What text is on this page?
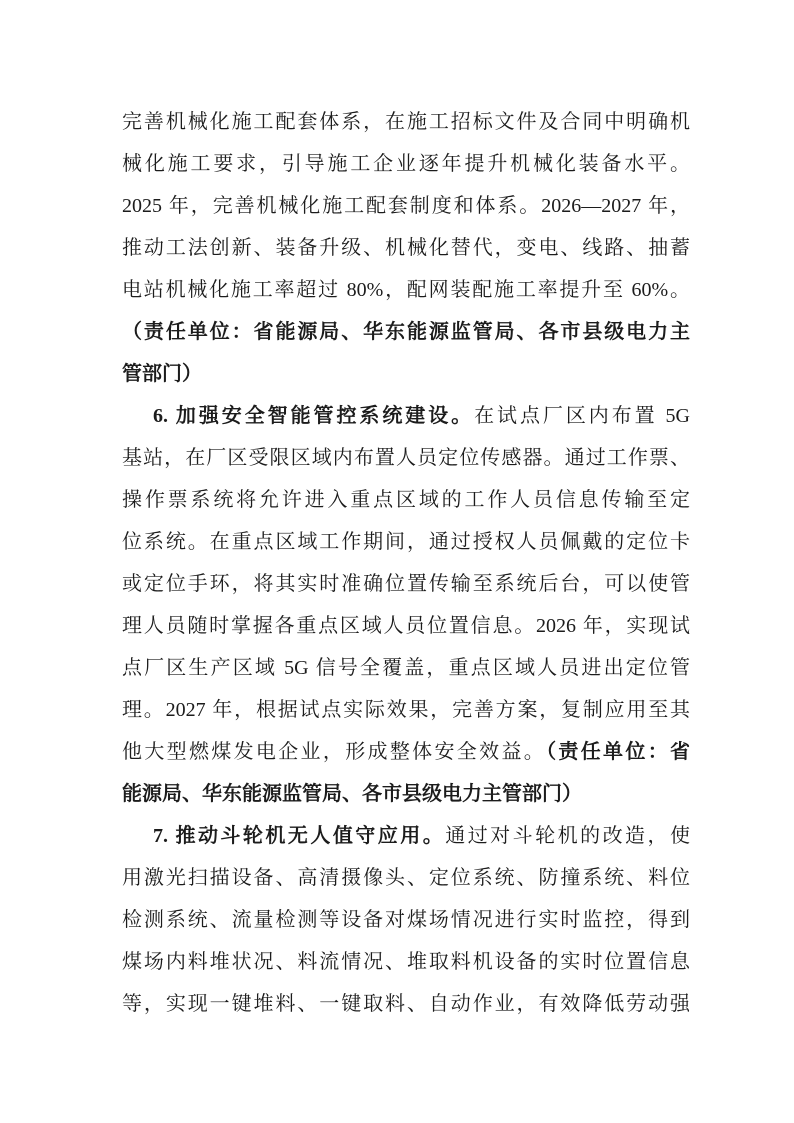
完善机械化施工配套体系，在施工招标文件及合同中明确机
械化施工要求，引导施工企业逐年提升机械化装备水平。
2025 年，完善机械化施工配套制度和体系。2026—2027 年，
推动工法创新、装备升级、机械化替代，变电、线路、抽蓄
电站机械化施工率超过 80%，配网装配施工率提升至 60%。
（责任单位：省能源局、华东能源监管局、各市县级电力主
管部门）
6. 加强安全智能管控系统建设。在试点厂区内布置 5G
基站，在厂区受限区域内布置人员定位传感器。通过工作票、
操作票系统将允许进入重点区域的工作人员信息传输至定
位系统。在重点区域工作期间，通过授权人员佩戴的定位卡
或定位手环，将其实时准确位置传输至系统后台，可以使管
理人员随时掌握各重点区域人员位置信息。2026 年，实现试
点厂区生产区域 5G 信号全覆盖，重点区域人员进出定位管
理。2027 年，根据试点实际效果，完善方案，复制应用至其
他大型燃煤发电企业，形成整体安全效益。（责任单位：省
能源局、华东能源监管局、各市县级电力主管部门）
7. 推动斗轮机无人值守应用。通过对斗轮机的改造，使
用激光扫描设备、高清摄像头、定位系统、防撞系统、料位
检测系统、流量检测等设备对煤场情况进行实时监控，得到
煤场内料堆状况、料流情况、堆取料机设备的实时位置信息
等，实现一键堆料、一键取料、自动作业，有效降低劳动强
